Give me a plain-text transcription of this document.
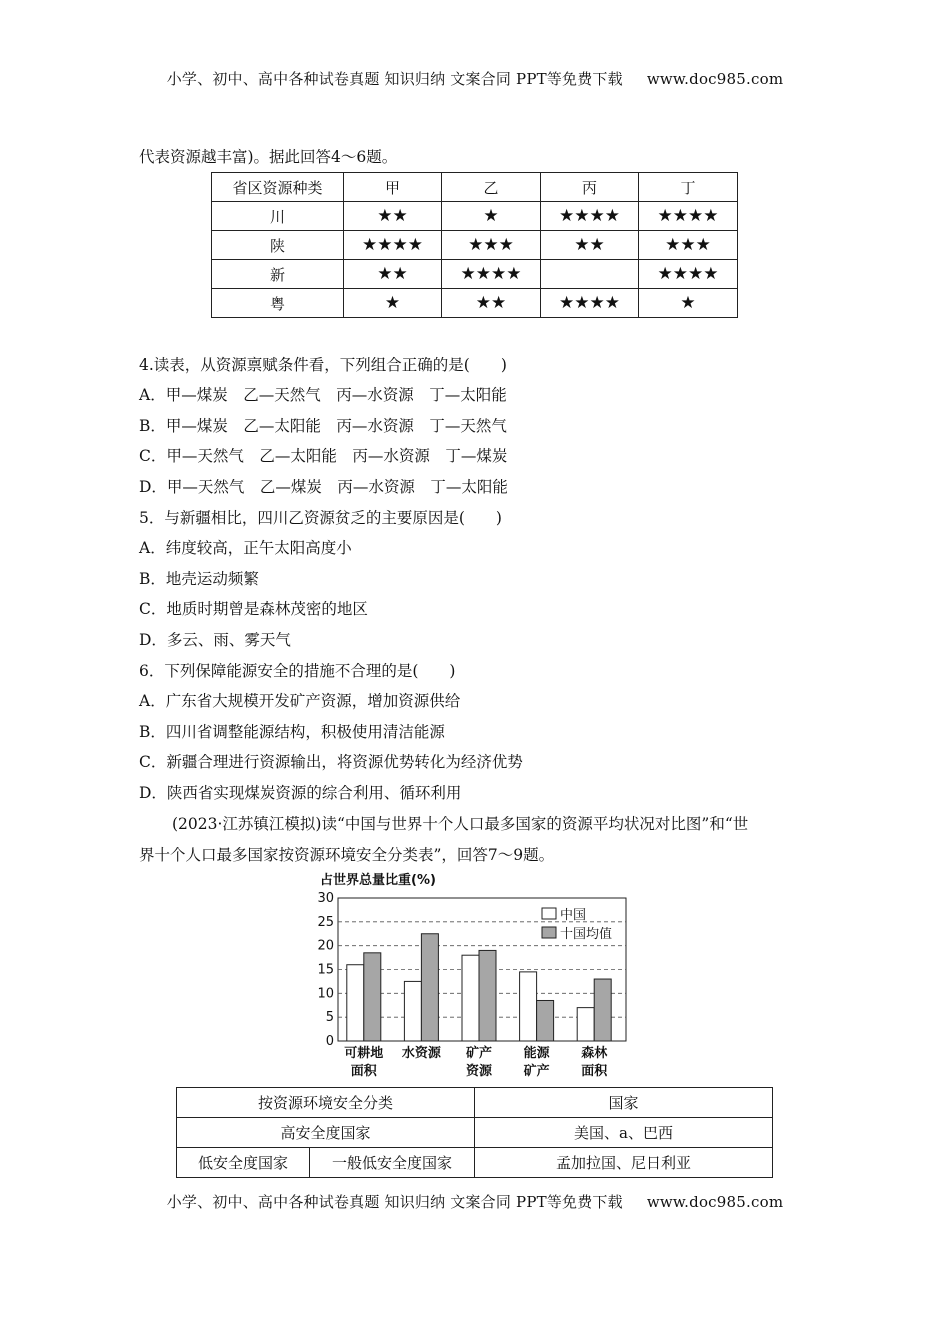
小学、初中、高中各种试卷真题 知识归纳 文案合同 PPT等免费下载 www.doc985.com
代表资源越丰富)。据此回答4～6题。
省区资源种类	甲	乙	丙	丁
川	★★	★	★★★★	★★★★
陕	★★★★	★★★	★★	★★★
新	★★	★★★★		★★★★
粤	★	★★	★★★★	★
4.读表，从资源禀赋条件看，下列组合正确的是(　　)
A．甲—煤炭　乙—天然气　丙—水资源　丁—太阳能
B．甲—煤炭　乙—太阳能　丙—水资源　丁—天然气
C．甲—天然气　乙—太阳能　丙—水资源　丁—煤炭
D．甲—天然气　乙—煤炭　丙—水资源　丁—太阳能
5．与新疆相比，四川乙资源贫乏的主要原因是(　　)
A．纬度较高，正午太阳高度小
B．地壳运动频繁
C．地质时期曾是森林茂密的地区
D．多云、雨、雾天气
6．下列保障能源安全的措施不合理的是(　　)
A．广东省大规模开发矿产资源，增加资源供给
B．四川省调整能源结构，积极使用清洁能源
C．新疆合理进行资源输出，将资源优势转化为经济优势
D．陕西省实现煤炭资源的综合利用、循环利用
(2023·江苏镇江模拟)读“中国与世界十个人口最多国家的资源平均状况对比图”和“世
界十个人口最多国家按资源环境安全分类表”，回答7～9题。
0
5
10
15
20
25
30
占世界总量比重(%)
可耕地
面积
水资源 矿产
资源
能源
矿产
森林
面积
中国
十国均值
按资源环境安全分类		国家
高安全度国家		美国、a、巴西
低安全度国家	一般低安全度国家	孟加拉国、尼日利亚
小学、初中、高中各种试卷真题 知识归纳 文案合同 PPT等免费下载 www.doc985.com
